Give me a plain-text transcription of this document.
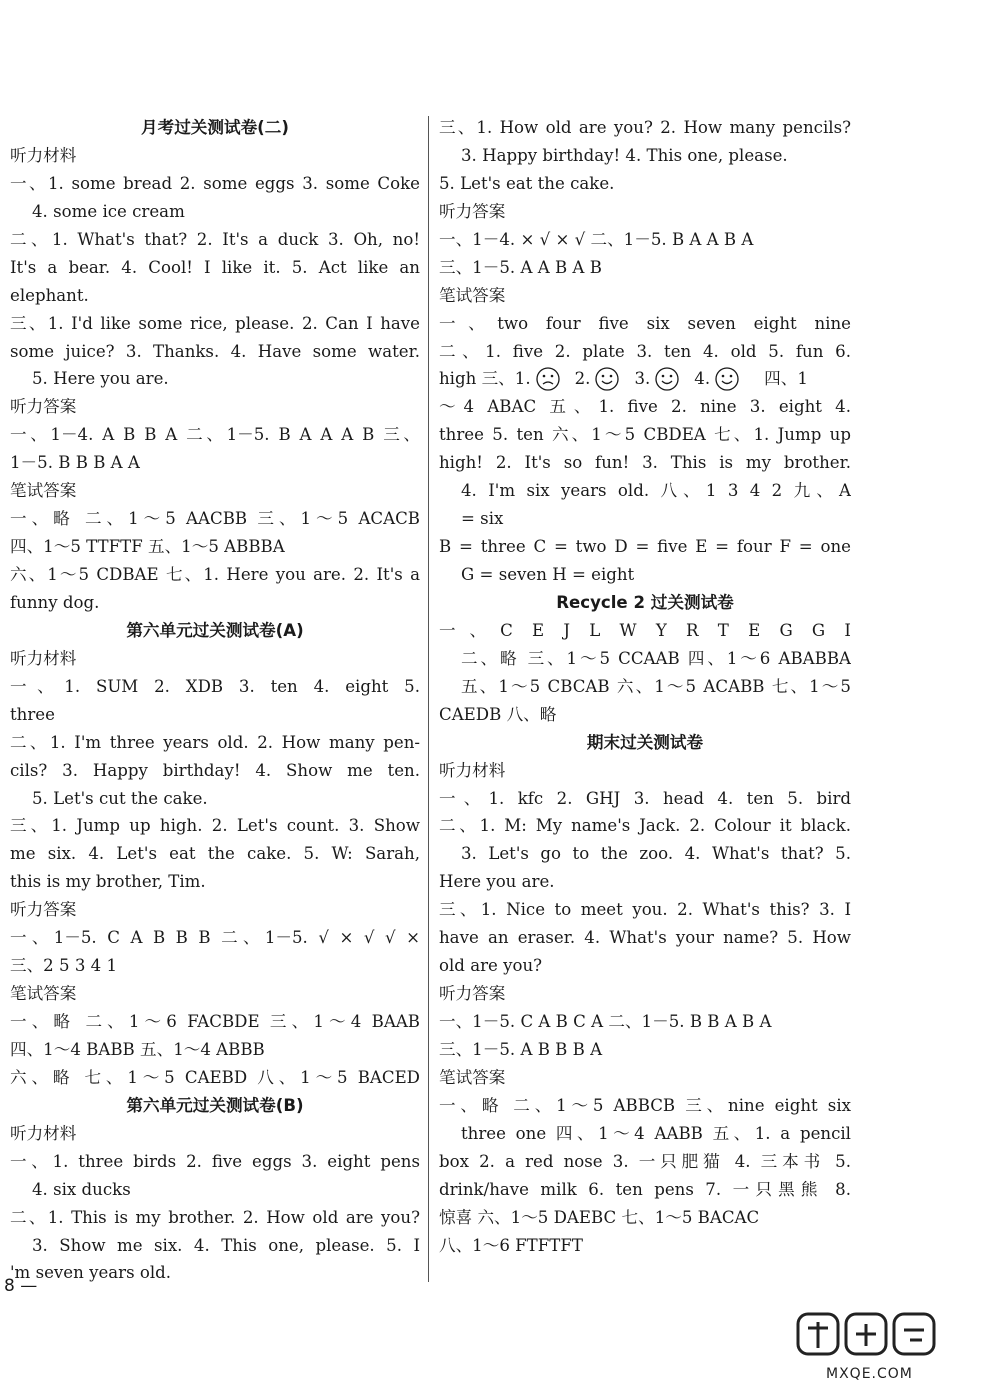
月考过关测试卷(二)
听力材料
一、1. some bread 2. some eggs 3. some Coke
4. some ice cream
二、1. What's that? 2. It's a duck 3. Oh, no!
It's a bear. 4. Cool! I like it. 5. Act like an
elephant.
三、1. I'd like some rice, please. 2. Can I have
some juice? 3. Thanks. 4. Have some water.
5. Here you are.
听力答案
一、1－4. A B B A 二、1－5. B A A A B 三、
1－5. B B B A A
笔试答案
一、略 二、1～5 AACBB 三、1～5 ACACB
四、1～5 TTFTF 五、1～5 ABBBA
六、1～5 CDBAE 七、1. Here you are. 2. It's a
funny dog.
第六单元过关测试卷(A)
听力材料
一、1. SUM 2. XDB 3. ten 4. eight 5.
three
二、1. I'm three years old. 2. How many pen-
cils? 3. Happy birthday! 4. Show me ten.
5. Let's cut the cake.
三、1. Jump up high. 2. Let's count. 3. Show
me six. 4. Let's eat the cake. 5. W: Sarah,
this is my brother, Tim.
听力答案
一、1－5. C A B B B 二、1－5. √ × √ √ ×
三、2 5 3 4 1
笔试答案
一、略 二、1～6 FACBDE 三、1～4 BAAB
四、1～4 BABB 五、1～4 ABBB
六、略 七、1～5 CAEBD 八、1～5 BACED
第六单元过关测试卷(B)
听力材料
一、1. three birds 2. five eggs 3. eight pens
4. six ducks
二、1. This is my brother. 2. How old are you?
3. Show me six. 4. This one, please. 5. I
'm seven years old.
三、1. How old are you? 2. How many pencils?
3. Happy birthday! 4. This one, please.
5. Let's eat the cake.
听力答案
一、1－4. × √ × √ 二、1－5. B A A B A
三、1－5. A A B A B
笔试答案
一、two four five six seven eight nine
二、1. five 2. plate 3. ten 4. old 5. fun 6.
high 三、1.	2.	3.	4.	四、1
～4 ABAC 五、1. five 2. nine 3. eight 4.
three 5. ten 六、1～5 CBDEA 七、1. Jump up
high! 2. It's so fun! 3. This is my brother.
4. I'm six years old. 八、1 3 4 2 九、A
= six
B = three C = two D = five E = four F = one
G = seven H = eight
Recycle 2 过关测试卷
一、C E J L W Y R T E G G I
二、略 三、1～5 CCAAB 四、1～6 ABABBA
五、1～5 CBCAB 六、1～5 ACABB 七、1～5
CAEDB 八、略
期末过关测试卷
听力材料
一、1. kfc 2. GHJ 3. head 4. ten 5. bird
二、1. M: My name's Jack. 2. Colour it black.
3. Let's go to the zoo. 4. What's that? 5.
Here you are.
三、1. Nice to meet you. 2. What's this? 3. I
have an eraser. 4. What's your name? 5. How
old are you?
听力答案
一、1－5. C A B C A 二、1－5. B B A B A
三、1－5. A B B B A
笔试答案
一、略 二、1～5 ABBCB 三、nine eight six
three one 四、1～4 AABB 五、1. a pencil
box 2. a red nose 3. 一只肥猫 4. 三本书 5.
drink/have milk 6. ten pens 7. 一只黑熊 8.
惊喜 六、1～5 DAEBC 七、1～5 BACAC
八、1～6 FTFTFT
8 —
MXQE.COM
